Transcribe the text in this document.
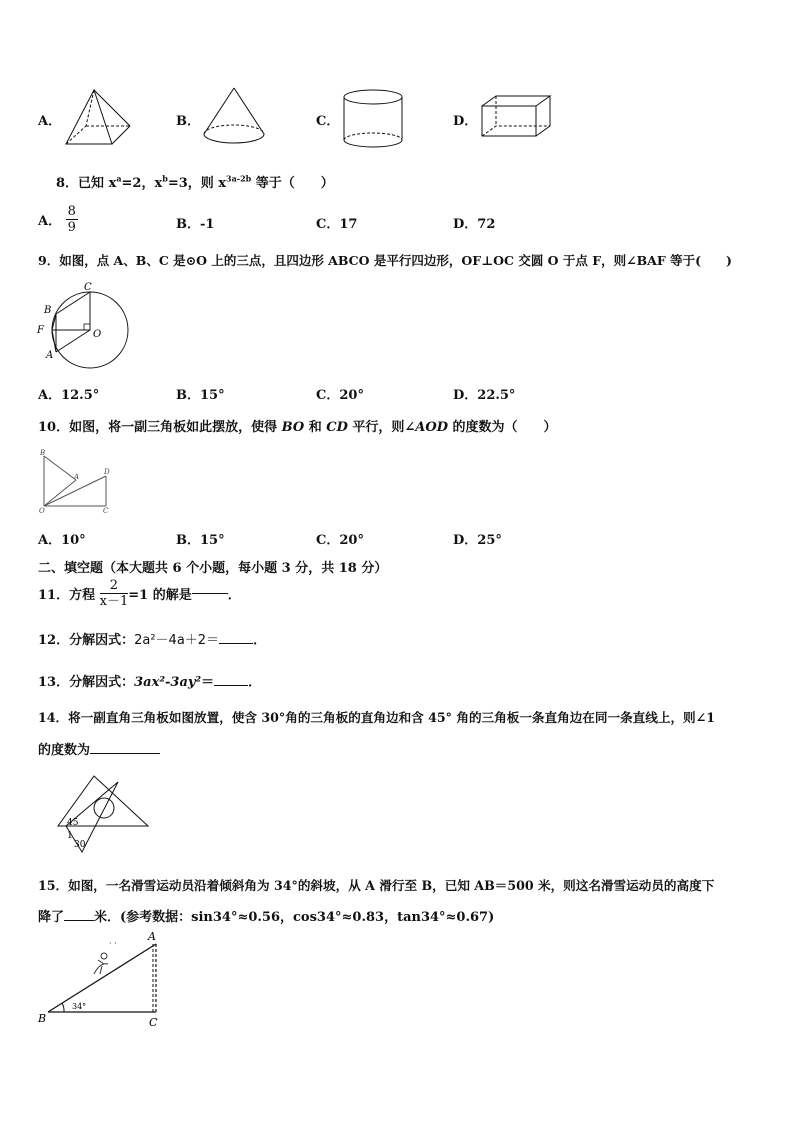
A．	B．	C．	D．
8．已知 $x^a=2$，$x^b=3$，则 $x^{3a-2b}$ 等于（　　）
A． $\frac{8}{9}$	B．-1	C．17	D．72
9．如图，点 A、B、C 是⊙O 上的三点，且四边形 ABCO 是平行四边形，OF⊥OC 交圆 O 于点 F，则∠BAF 等于(　　)
C
B
F	O
A
A．12.5°	B．15°	C．20°	D．22.5°
10．如图，将一副三角板如此摆放，使得 BO 和 CD 平行，则∠AOD 的度数为（　　）
B
A
D
O	C
A．10°	B．15°	C．20°	D．25°
二、填空题（本大题共 6 个小题，每小题 3 分，共 18 分）
11．方程 $\frac{2}{x-1} =1$ 的解是	．
12．分解因式：2a²－4a＋2＝	．
13．分解因式：3ax²-3ay²＝	．
14．将一副直角三角板如图放置，使含 30°角的三角板的直角边和含 45° 角的三角板一条直角边在同一条直线上，则∠1
的度数为
45
1
30
15．如图，一名滑雪运动员沿着倾斜角为 34°的斜坡，从 A 滑行至 B，已知 AB＝500 米，则这名滑雪运动员的高度下
降了 米．(参考数据：sin34°≈0.56，cos34°≈0.83，tan34°≈0.67)
· ·
A
B	C
34°
